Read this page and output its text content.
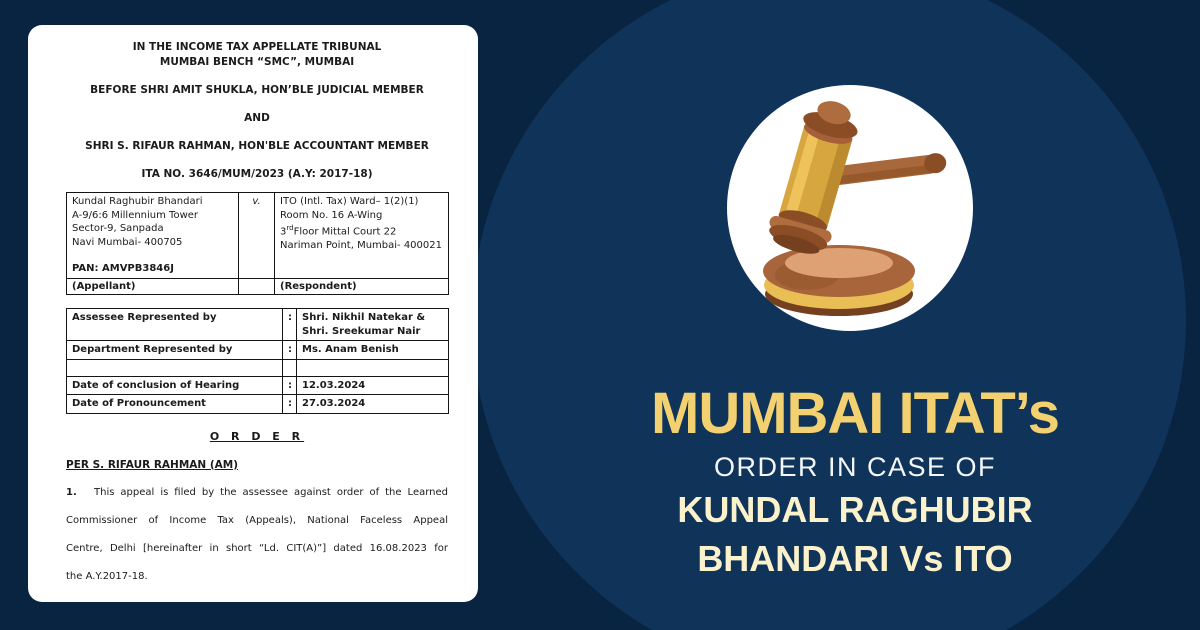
IN THE INCOME TAX APPELLATE TRIBUNAL
MUMBAI BENCH “SMC”, MUMBAI
BEFORE SHRI AMIT SHUKLA, HON’BLE JUDICIAL MEMBER
AND
SHRI S. RIFAUR RAHMAN, HON'BLE ACCOUNTANT MEMBER
ITA NO. 3646/MUM/2023 (A.Y: 2017-18)
Kundal Raghubir Bhandari
A-9/6:6 Millennium Tower
Sector-9, Sanpada
Navi Mumbai- 400705

PAN: AMVPB3846J
	v.	ITO (Intl. Tax) Ward– 1(2)(1)
Room No. 16 A-Wing
3rdFloor Mittal Court 22
Nariman Point, Mumbai- 400021

(Appellant)		(Respondent)
Assessee Represented by	:	Shri. Nikhil Natekar &
Shri. Sreekumar Nair

Department Represented by	:	Ms. Anam Benish

Date of conclusion of Hearing	:	12.03.2024
Date of Pronouncement	:	27.03.2024
O R D E R
PER S. RIFAUR RAHMAN (AM)
1.	This appeal is filed by the assessee against order of the Learned
Commissioner of Income Tax (Appeals), National Faceless Appeal
Centre, Delhi [hereinafter in short “Ld. CIT(A)”] dated 16.08.2023 for
the A.Y.2017-18.
MUMBAI ITAT’s
ORDER IN CASE OF
KUNDAL RAGHUBIR
BHANDARI Vs ITO
